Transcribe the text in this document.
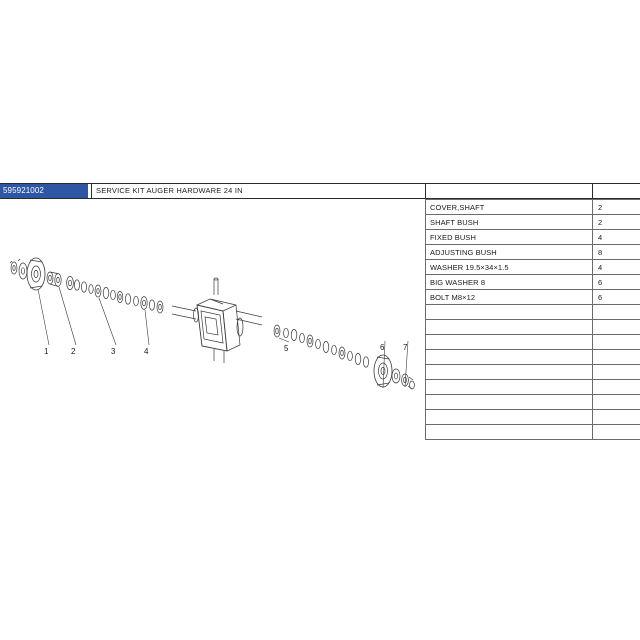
595921002	SERVICE KIT AUGER HARDWARE 24 IN
1	2	3	4	5	6 7
COVER,SHAFT	2
SHAFT BUSH	2
FIXED BUSH	4
ADJUSTING BUSH	8
WASHER 19.5×34×1.5	4
BIG WASHER 8	6
BOLT M8×12	6
